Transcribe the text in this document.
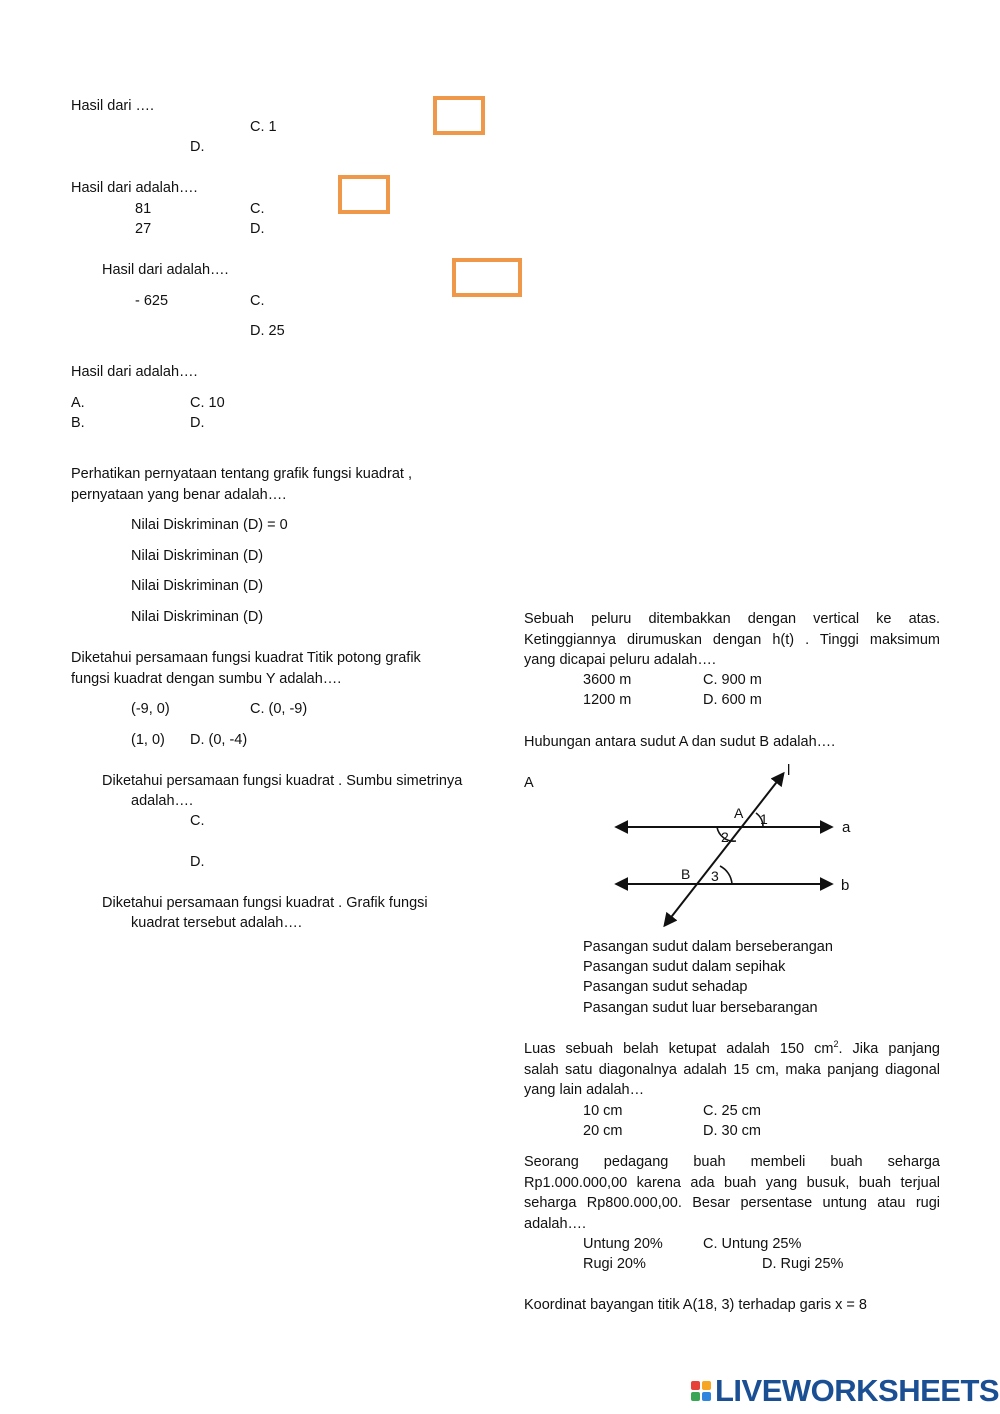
Hasil dari ….
C. 1
D.
Hasil dari adalah….
81	C.
27	D.
Hasil dari adalah….
- 625	C.
D. 25
Hasil dari adalah….
A.	C. 10
B.	D.
Perhatikan pernyataan tentang grafik fungsi kuadrat ,
pernyataan yang benar adalah….
Nilai Diskriminan (D) = 0
Nilai Diskriminan (D)
Nilai Diskriminan (D)
Nilai Diskriminan (D)
Diketahui persamaan fungsi kuadrat Titik potong grafik
fungsi kuadrat dengan sumbu Y adalah….
(-9, 0)	C. (0, -9)
(1, 0) D. (0, -4)
Diketahui persamaan fungsi kuadrat . Sumbu simetrinya
adalah….
C.
D.
Diketahui persamaan fungsi kuadrat . Grafik fungsi
kuadrat tersebut adalah….
Sebuah peluru ditembakkan dengan vertical ke atas.
Ketinggiannya dirumuskan dengan h(t) . Tinggi maksimum
yang dicapai peluru adalah….
3600 m	C. 900 m
1200 m	D. 600 m
Hubungan antara sudut A dan sudut B adalah….
A
l
a
b
A
B
1
2
3
Pasangan sudut dalam berseberangan
Pasangan sudut dalam sepihak
Pasangan sudut sehadap
Pasangan sudut luar bersebarangan
Luas sebuah belah ketupat adalah 150 $cm^2$. Jika panjang
salah satu diagonalnya adalah 15 cm, maka panjang diagonal
yang lain adalah…
10 cm	C. 25 cm
20 cm	D. 30 cm
Seorang pedagang buah membeli buah seharga
Rp1.000.000,00 karena ada buah yang busuk, buah terjual
seharga Rp800.000,00. Besar persentase untung atau rugi
adalah….
Untung 20%	C. Untung 25%
Rugi 20%	D. Rugi 25%
Koordinat bayangan titik A(18, 3) terhadap garis x = 8
LIVEWORKSHEETS
